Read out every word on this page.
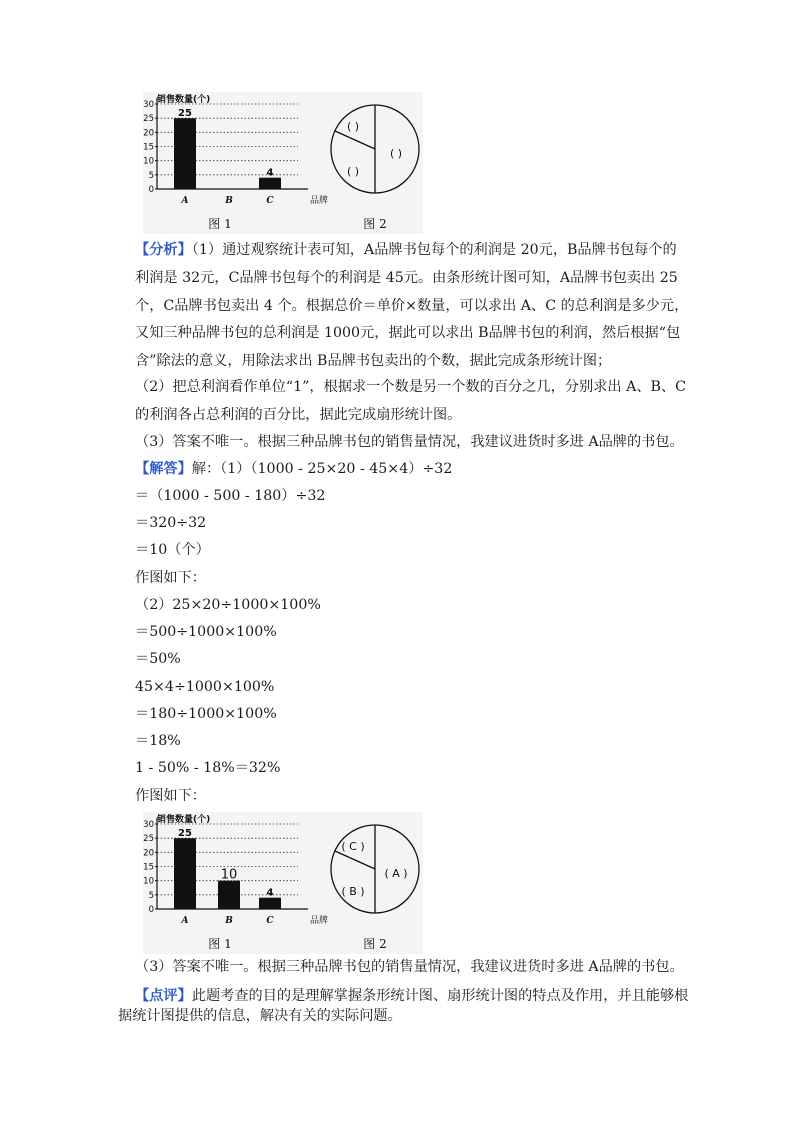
销售数量(个)
0
5
10
15
20
25
30
品牌
A
25
B	C
4
图 1
( )
( )
( )
图 2
【分析】（1）通过观察统计表可知，A品牌书包每个的利润是 20元，B品牌书包每个的
利润是 32元，C品牌书包每个的利润是 45元。由条形统计图可知，A品牌书包卖出 25
个，C品牌书包卖出 4 个。根据总价＝单价×数量，可以求出 A、C 的总利润是多少元，
又知三种品牌书包的总利润是 1000元，据此可以求出 B品牌书包的利润，然后根据“包
含”除法的意义，用除法求出 B品牌书包卖出的个数，据此完成条形统计图；
（2）把总利润看作单位“1”，根据求一个数是另一个数的百分之几，分别求出 A、B、C
的利润各占总利润的百分比，据此完成扇形统计图。
（3）答案不唯一。根据三种品牌书包的销售量情况，我建议进货时多进 A品牌的书包。
【解答】解：（1）（1000 - 25×20 - 45×4）÷32
＝（1000 - 500 - 180）÷32
＝320÷32
＝10（个）
作图如下：
（2）25×20÷1000×100%
＝500÷1000×100%
＝50%
45×4÷1000×100%
＝180÷1000×100%
＝18%
1 - 50% - 18%＝32%
作图如下：
销售数量(个)
0
5
10
15
20
25
30
品牌
A
25
B
10
C
4
图 1
( C )
( B )
( A )
图 2
（3）答案不唯一。根据三种品牌书包的销售量情况，我建议进货时多进 A品牌的书包。
【点评】此题考查的目的是理解掌握条形统计图、扇形统计图的特点及作用，并且能够根
据统计图提供的信息，解决有关的实际问题。
